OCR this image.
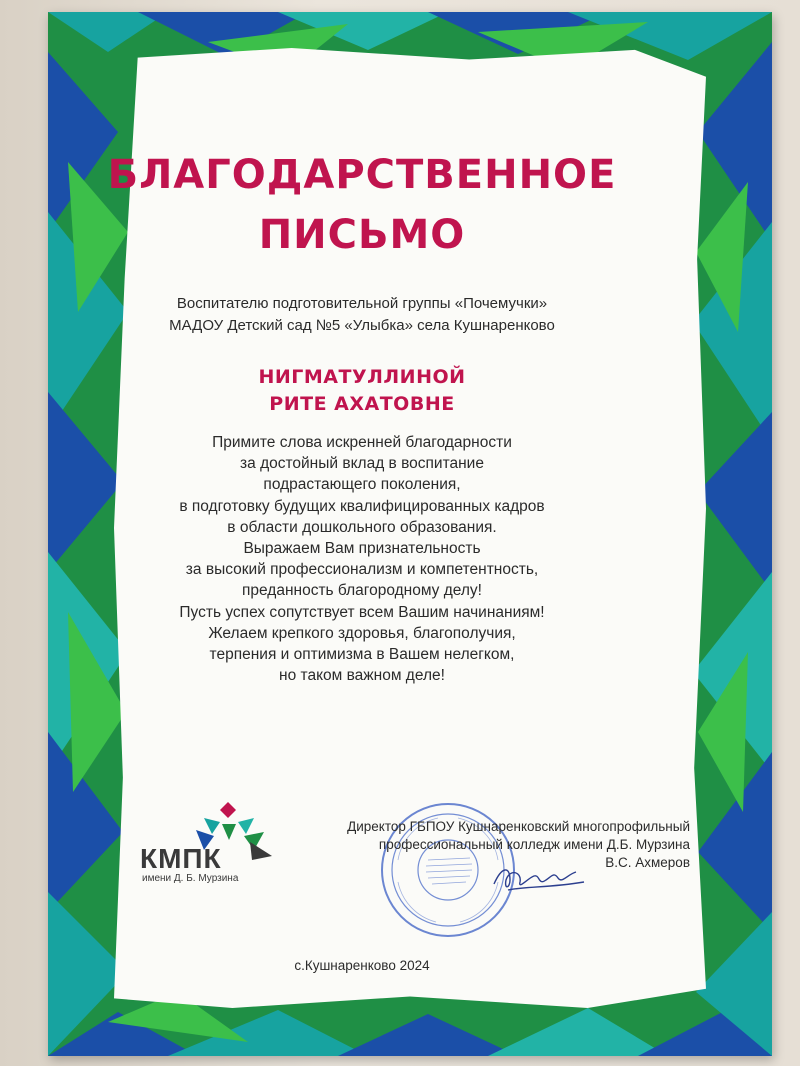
БЛАГОДАРСТВЕННОЕ
ПИСЬМО
Воспитателю подготовительной группы «Почемучки»
МАДОУ Детский сад №5 «Улыбка» села Кушнаренково
НИГМАТУЛЛИНОЙ
РИТЕ АХАТОВНЕ
Примите слова искренней благодарности
за достойный вклад в воспитание
подрастающего поколения,
в подготовку будущих квалифицированных кадров
в области дошкольного образования.
Выражаем Вам признательность
за высокий профессионализм и компетентность,
преданность благородному делу!
Пусть успех сопутствует всем Вашим начинаниям!
Желаем крепкого здоровья, благополучия,
терпения и оптимизма в Вашем нелегком,
но таком важном деле!
КМПК
имени Д. Б. Мурзина
Директор ГБПОУ Кушнаренковский многопрофильный
профессиональный колледж имени Д.Б. Мурзина
В.С. Ахмеров
с.Кушнаренково 2024
